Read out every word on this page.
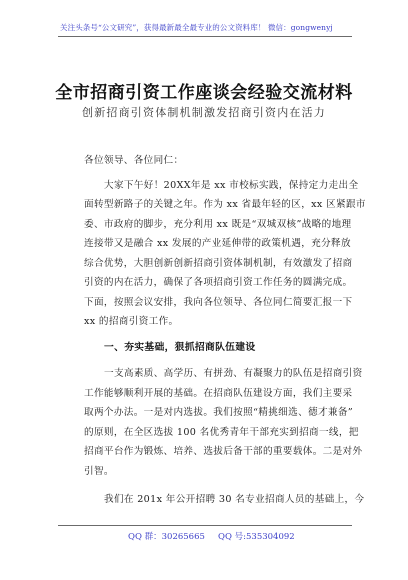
关注头条号“公文研究”，获得最新最全最专业的公文资料库！ 微信：gongwenyj
全市招商引资工作座谈会经验交流材料
创新招商引资体制机制激发招商引资内在活力
各位领导、各位同仁：
大家下午好！20XX年是 xx 市校标实践，保持定力走出全
面转型新路子的关键之年。作为 xx 省最年轻的区，xx 区紧跟市
委、市政府的脚步，充分利用 xx 既是“双城双核”战略的地理
连接带又是融合 xx 发展的产业延伸带的政策机遇，充分释放
综合优势，大胆创新创新招商引资体制机制，有效激发了招商
引资的内在活力，确保了各项招商引资工作任务的圆满完成。
下面，按照会议安排，我向各位领导、各位同仁简要汇报一下
xx 的招商引资工作。
一、夯实基础，狠抓招商队伍建设
一支高素质、高学历、有拼劲、有凝聚力的队伍是招商引资
工作能够顺利开展的基础。在招商队伍建设方面，我们主要采
取两个办法。一是对内选拔。我们按照“精挑细选、德才兼备”
的原则，在全区选拔 100 名优秀青年干部充实到招商一线，把
招商平台作为锻炼、培养、选拔后备干部的重要载体。二是对外
引智。
我们在 201x 年公开招聘 30 名专业招商人员的基础上，今
QQ 群：30265665 QQ 号:535304092
